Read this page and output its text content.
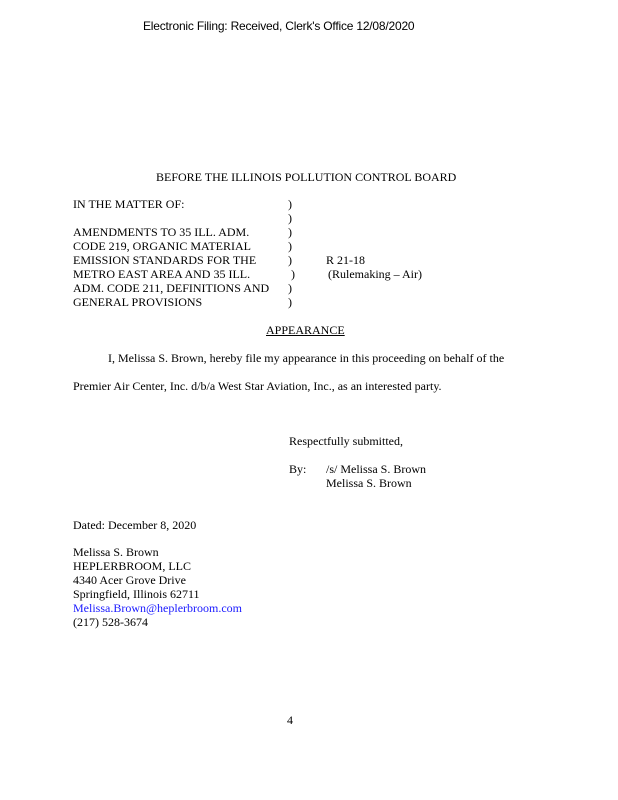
Electronic Filing: Received, Clerk's Office 12/08/2020
BEFORE THE ILLINOIS POLLUTION CONTROL BOARD
IN THE MATTER OF:
AMENDMENTS TO 35 ILL. ADM.
CODE 219, ORGANIC MATERIAL
EMISSION STANDARDS FOR THE
METRO EAST AREA AND 35 ILL.
ADM. CODE 211, DEFINITIONS AND
GENERAL PROVISIONS
)
)
)
)
)
)
)
)
R 21-18
(Rulemaking – Air)
APPEARANCE
I, Melissa S. Brown, hereby file my appearance in this proceeding on behalf of the
Premier Air Center, Inc. d/b/a West Star Aviation, Inc., as an interested party.
Respectfully submitted,
By: /s/ Melissa S. Brown
Melissa S. Brown
Dated: December 8, 2020
Melissa S. Brown
HEPLERBROOM, LLC
4340 Acer Grove Drive
Springfield, Illinois 62711
Melissa.Brown@heplerbroom.com
(217) 528-3674
4
